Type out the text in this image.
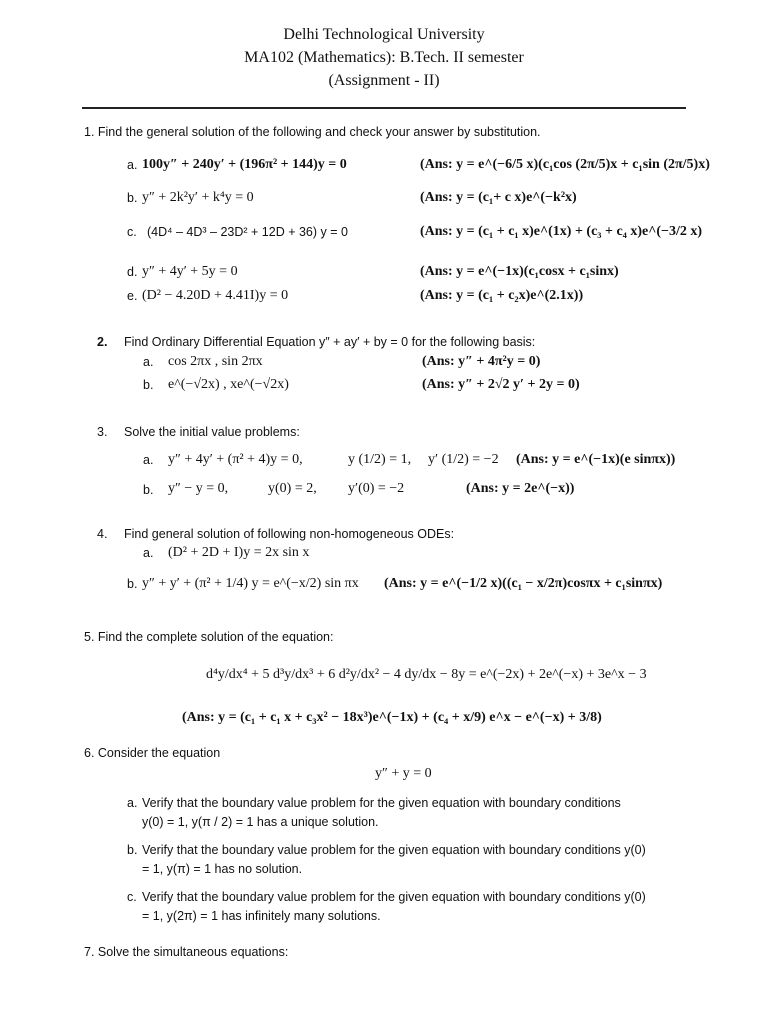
Delhi Technological University
MA102 (Mathematics): B.Tech. II semester
(Assignment - II)
1. Find the general solution of the following and check your answer by substitution.
a. 100y″ + 240y′ + (196π² + 144)y = 0	(Ans: y = e^(−6/5 x)(c₁cos (2π/5)x + c₁sin (2π/5)x)
b. y″ + 2k²y′ + k⁴y = 0	(Ans: y = (c₁+ c x)e^(−k²x)
c. (4D⁴ – 4D³ – 23D² + 12D + 36) y = 0	(Ans: y = (c₁ + c₁ x)e^(1x) + (c₃ + c₄ x)e^(−3/2 x)
d. y″ + 4y′ + 5y = 0	(Ans: y = e^(−1x)(c₁cosx + c₁sinx)
e. (D² − 4.20D + 4.41I)y = 0	(Ans: y = (c₁ + c₂x)e^(2.1x))
2. Find Ordinary Differential Equation y″ + ay′ + by = 0 for the following basis:
a. cos 2πx , sin 2πx	(Ans: y″ + 4π²y = 0)
b. e^(−√2x) , xe^(−√2x)	(Ans: y″ + 2√2 y′ + 2y = 0)
3. Solve the initial value problems:
a. y″ + 4y′ + (π² + 4)y = 0,	y (1/2) = 1, y′ (1/2) = −2 (Ans: y = e^(−1x)(e sinπx))
b. y″ − y = 0,	y(0) = 2, y′(0) = −2	(Ans: y = 2e^(−x))
4. Find general solution of following non-homogeneous ODEs:
a. (D² + 2D + I)y = 2x sin x
b. y″ + y′ + (π² + 1/4) y = e^(−x/2) sin πx (Ans: y = e^(−1/2 x)((c₁ − x/2π)cosπx + c₁sinπx)
5. Find the complete solution of the equation:
d⁴y/dx⁴ + 5 d³y/dx³ + 6 d²y/dx² − 4 dy/dx − 8y = e^(−2x) + 2e^(−x) + 3e^x − 3
(Ans: y = (c₁ + c₁ x + c₃x² − 18x³)e^(−1x) + (c₄ + x/9) e^x − e^(−x) + 3/8)
6. Consider the equation
y″ + y = 0
a. Verify that the boundary value problem for the given equation with boundary conditions
y(0) = 1, y(π / 2) = 1 has a unique solution.
b. Verify that the boundary value problem for the given equation with boundary conditions y(0)
= 1, y(π) = 1 has no solution.
c. Verify that the boundary value problem for the given equation with boundary conditions y(0)
= 1, y(2π) = 1 has infinitely many solutions.
7. Solve the simultaneous equations:
